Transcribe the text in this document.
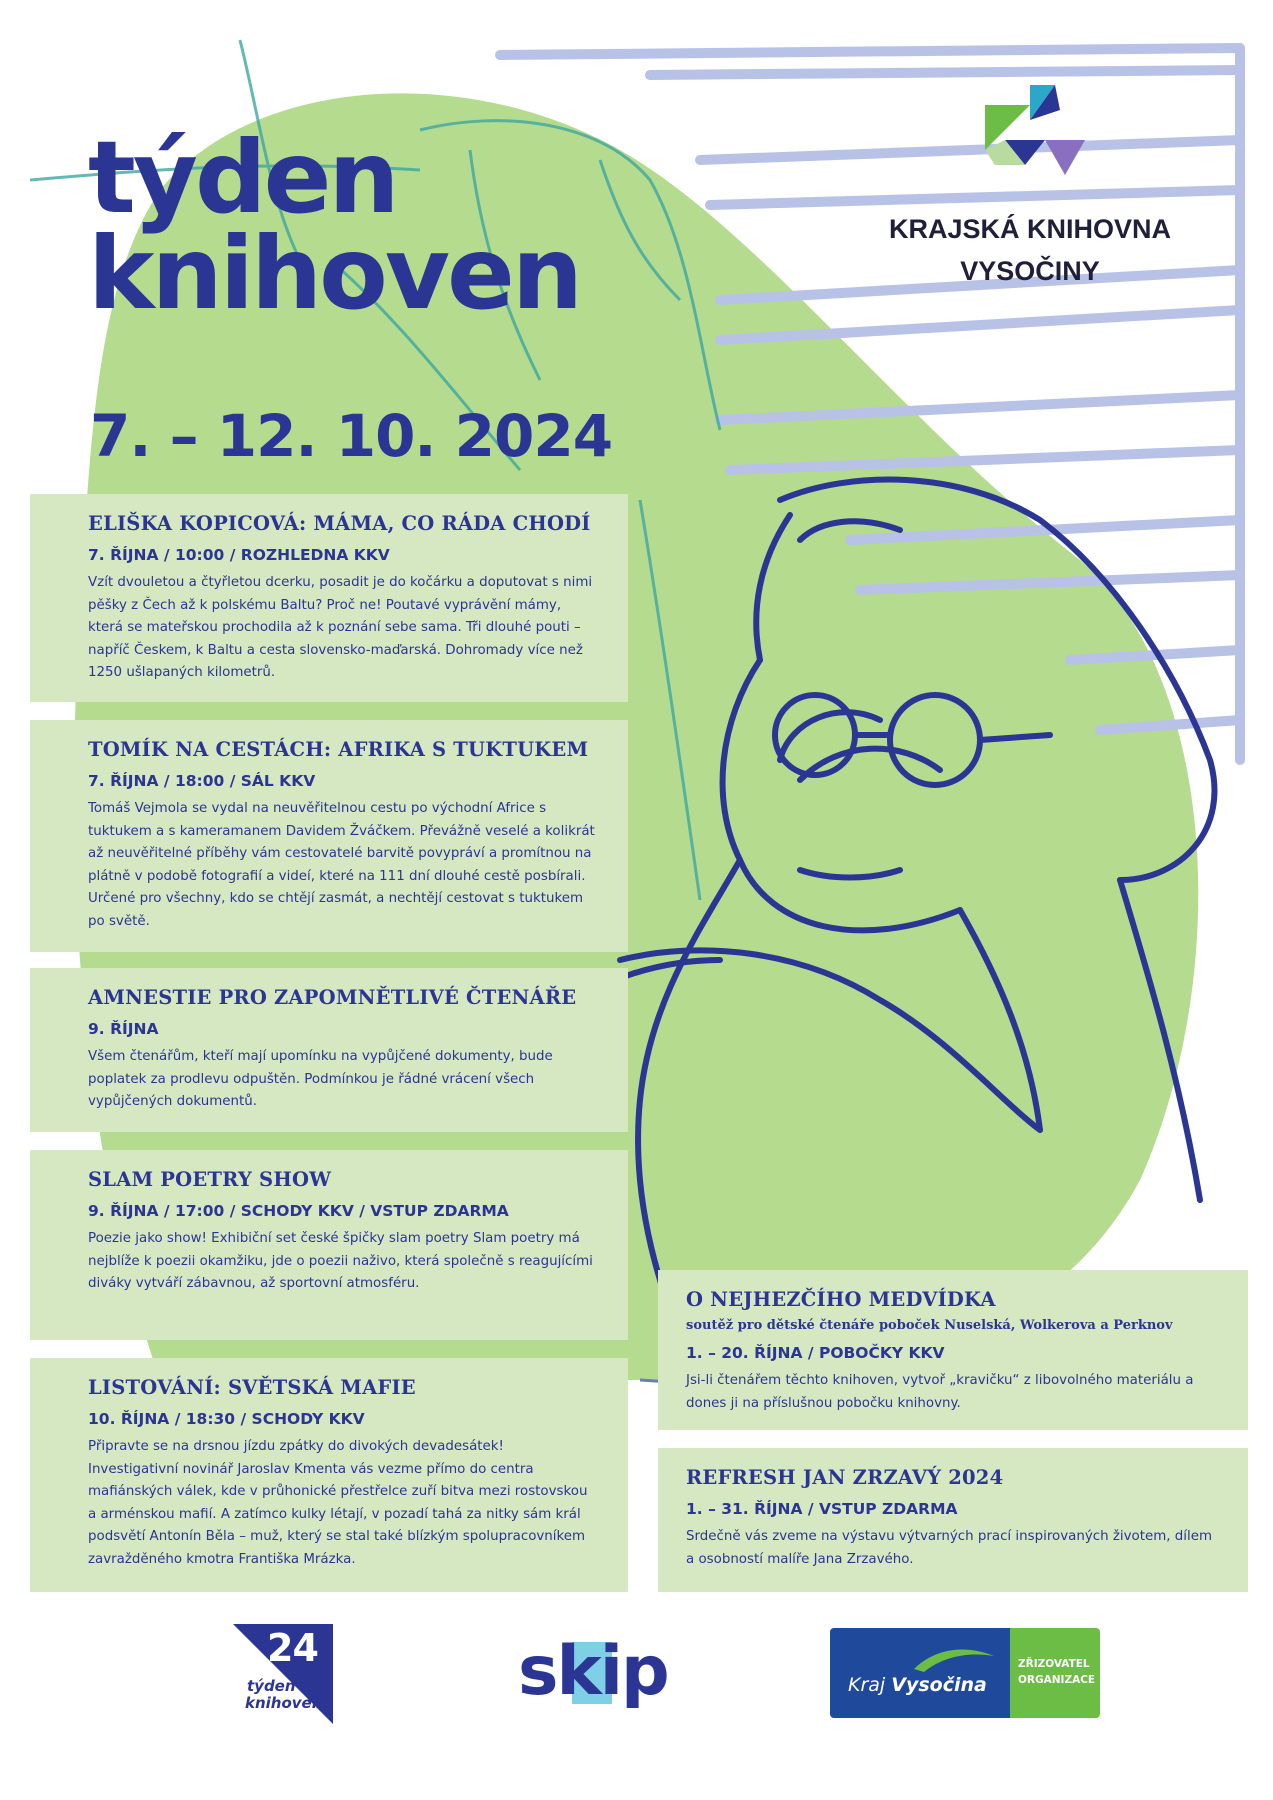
týden
knihoven
7. – 12. 10. 2024
KRAJSKÁ KNIHOVNA
VYSOČINY
ELIŠKA KOPICOVÁ: MÁMA, CO RÁDA CHODÍ
7. ŘÍJNA / 10:00 / ROZHLEDNA KKV

Vzít dvouletou a čtyřletou dcerku, posadit je do kočárku a doputovat s nimi pěšky z Čech až k polskému Baltu? Proč ne! Poutavé vyprávění mámy, která se mateřskou prochodila až k poznání sebe sama. Tři dlouhé pouti – napříč Českem, k Baltu a cesta slovensko-maďarská. Dohromady více než 1250 ušlapaných kilometrů.

TOMÍK NA CESTÁCH: AFRIKA S TUKTUKEM
7. ŘÍJNA / 18:00 / SÁL KKV

Tomáš Vejmola se vydal na neuvěřitelnou cestu po východní Africe s tuktukem a s kameramanem Davidem Žváčkem. Převážně veselé a kolikrát až neuvěřitelné příběhy vám cestovatelé barvitě povypráví a promítnou na plátně v podobě fotografií a videí, které na 111 dní dlouhé cestě posbírali. Určené pro všechny, kdo se chtějí zasmát, a nechtějí cestovat s tuktukem po světě.

AMNESTIE PRO ZAPOMNĚTLIVÉ ČTENÁŘE
9. ŘÍJNA

Všem čtenářům, kteří mají upomínku na vypůjčené dokumenty, bude poplatek za prodlevu odpuštěn. Podmínkou je řádné vrácení všech vypůjčených dokumentů.

SLAM POETRY SHOW
9. ŘÍJNA / 17:00 / SCHODY KKV / VSTUP ZDARMA

Poezie jako show! Exhibiční set české špičky slam poetry Slam poetry má nejblíže k poezii okamžiku, jde o poezii naživo, která společně s reagujícími diváky vytváří zábavnou, až sportovní atmosféru.

LISTOVÁNÍ: SVĚTSKÁ MAFIE
10. ŘÍJNA / 18:30 / SCHODY KKV

Připravte se na drsnou jízdu zpátky do divokých devadesátek! Investigativní novinář Jaroslav Kmenta vás vezme přímo do centra mafiánských válek, kde v průhonické přestřelce zuří bitva mezi rostovskou a arménskou mafií. A zatímco kulky létají, v pozadí tahá za nitky sám král podsvětí Antonín Běla – muž, který se stal také blízkým spolupracovníkem zavražděného kmotra Františka Mrázka.

O NEJHEZČÍHO MEDVÍDKA
soutěž pro dětské čtenáře poboček Nuselská, Wolkerova a Perknov
1. – 20. ŘÍJNA / POBOČKY KKV

Jsi-li čtenářem těchto knihoven, vytvoř „kravičku“ z libovolného materiálu a dones ji na příslušnou pobočku knihovny.

REFRESH JAN ZRZAVÝ 2024
1. – 31. ŘÍJNA / VSTUP ZDARMA

Srdečně vás zveme na výstavu výtvarných prací inspirovaných životem, dílem a osobností malíře Jana Zrzavého.

24
týden
knihoven	skip	Kraj Vysočina
ZŘIZOVATEL
ORGANIZACE
